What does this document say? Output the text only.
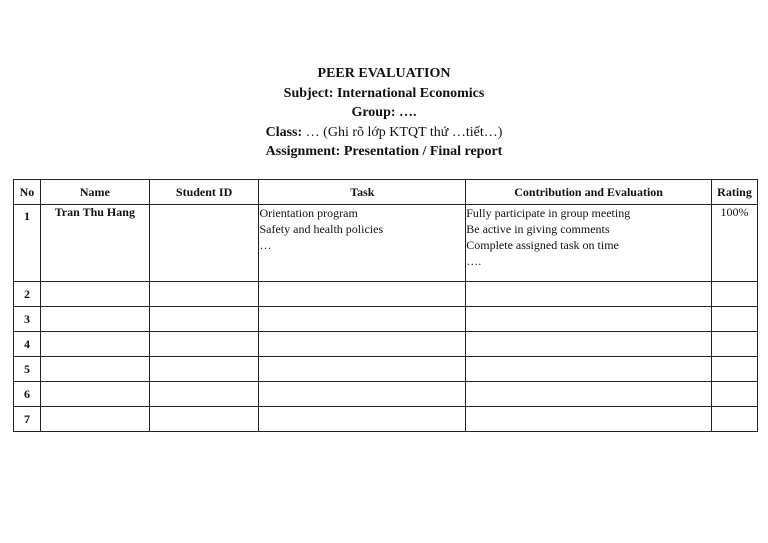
PEER EVALUATION
Subject: International Economics
Group: ….
Class: … (Ghi rõ lớp KTQT thứ …tiết…)
Assignment: Presentation / Final report
No	Name	Student ID	Task	Contribution and Evaluation	Rating
1	Tran Thu Hang		Orientation program
Safety and health policies
…	Fully participate in group meeting
Be active in giving comments
Complete assigned task on time
….	100%
2					
3					
4					
5					
6					
7					
